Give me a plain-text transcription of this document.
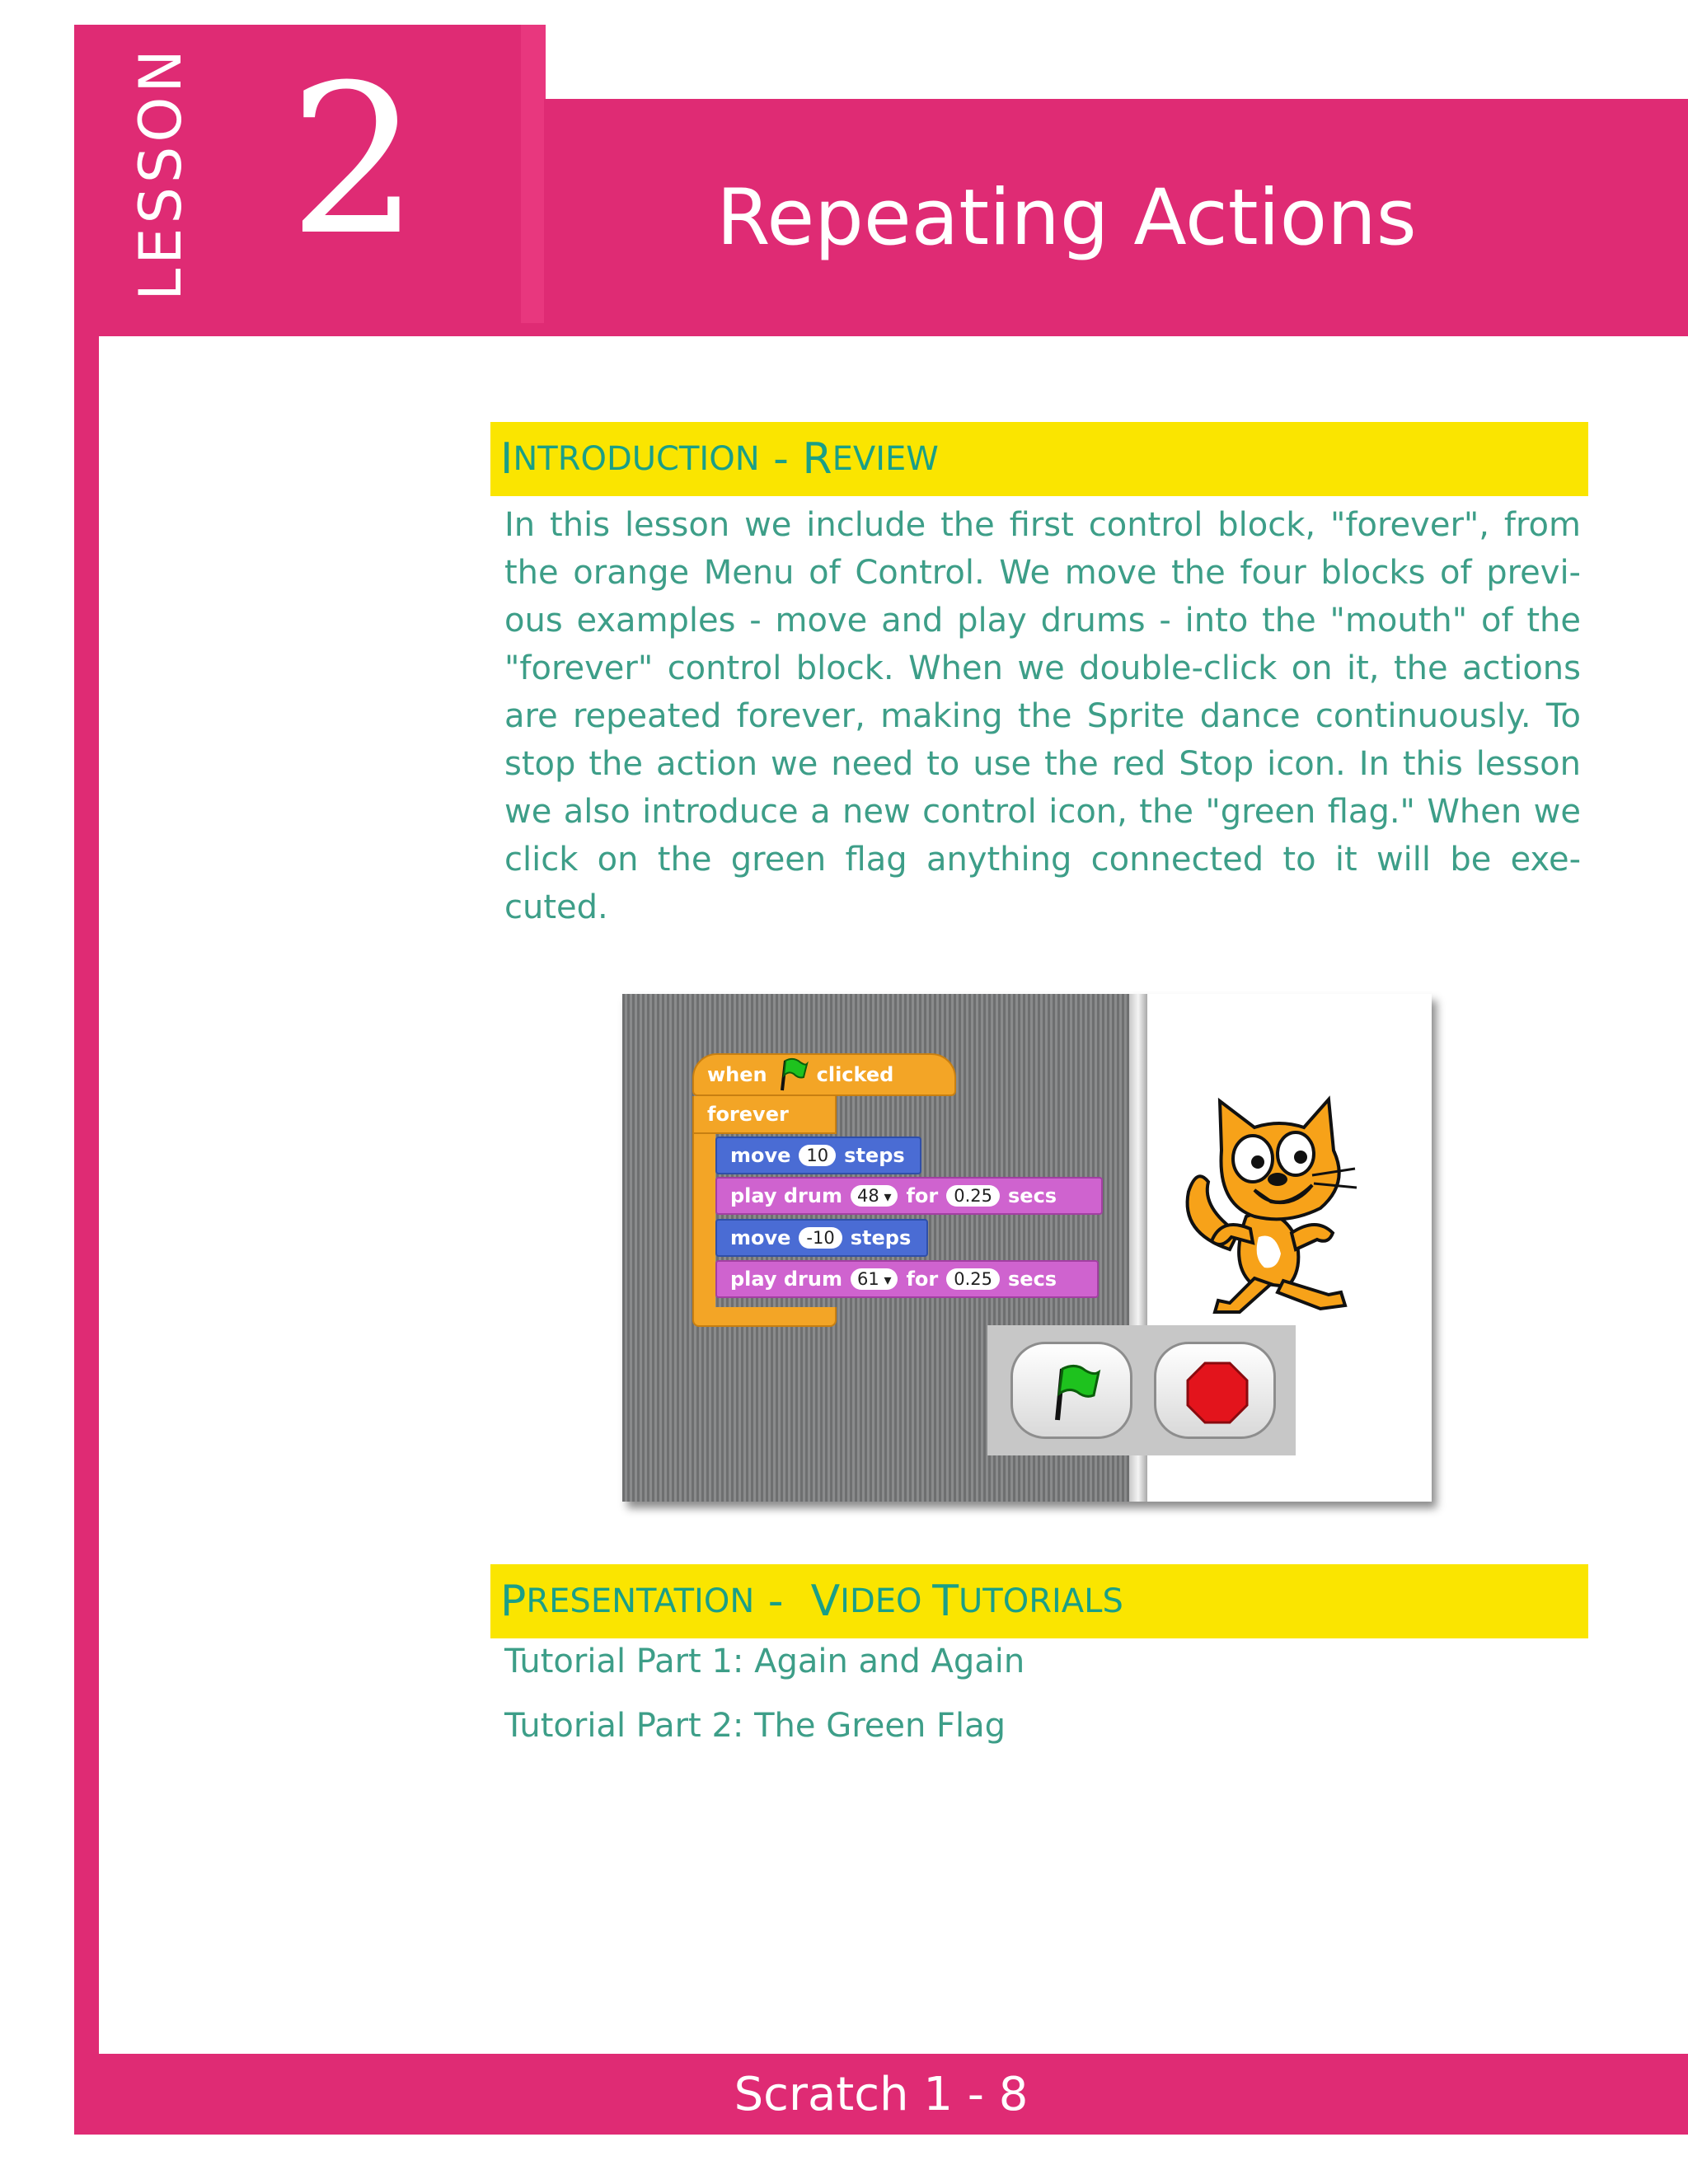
LESSON 2	Repeating Actions
I NTRODUCTION - R EVIEW

In this lesson we include the first control block, "forever", from the orange Menu of Control. We move the four blocks of previ- ous examples - move and play drums - into the "mouth" of the "forever" control block. When we double-click on it, the actions are repeated forever, making the Sprite dance continuously. To stop the action we need to use the red Stop icon. In this lesson we also introduce a new control icon, the "green flag." When we click on the green flag anything connected to it will be exe- cuted.

when	clicked
forever
move 10 steps
play drum 48 ▾	for 0.25 secs
move -10 steps
play drum 61 ▾	for 0.25 secs
P RESENTATION - V IDEO T UTORIALS
Tutorial Part 1: Again and Again
Tutorial Part 2: The Green Flag
Scratch 1 - 8
